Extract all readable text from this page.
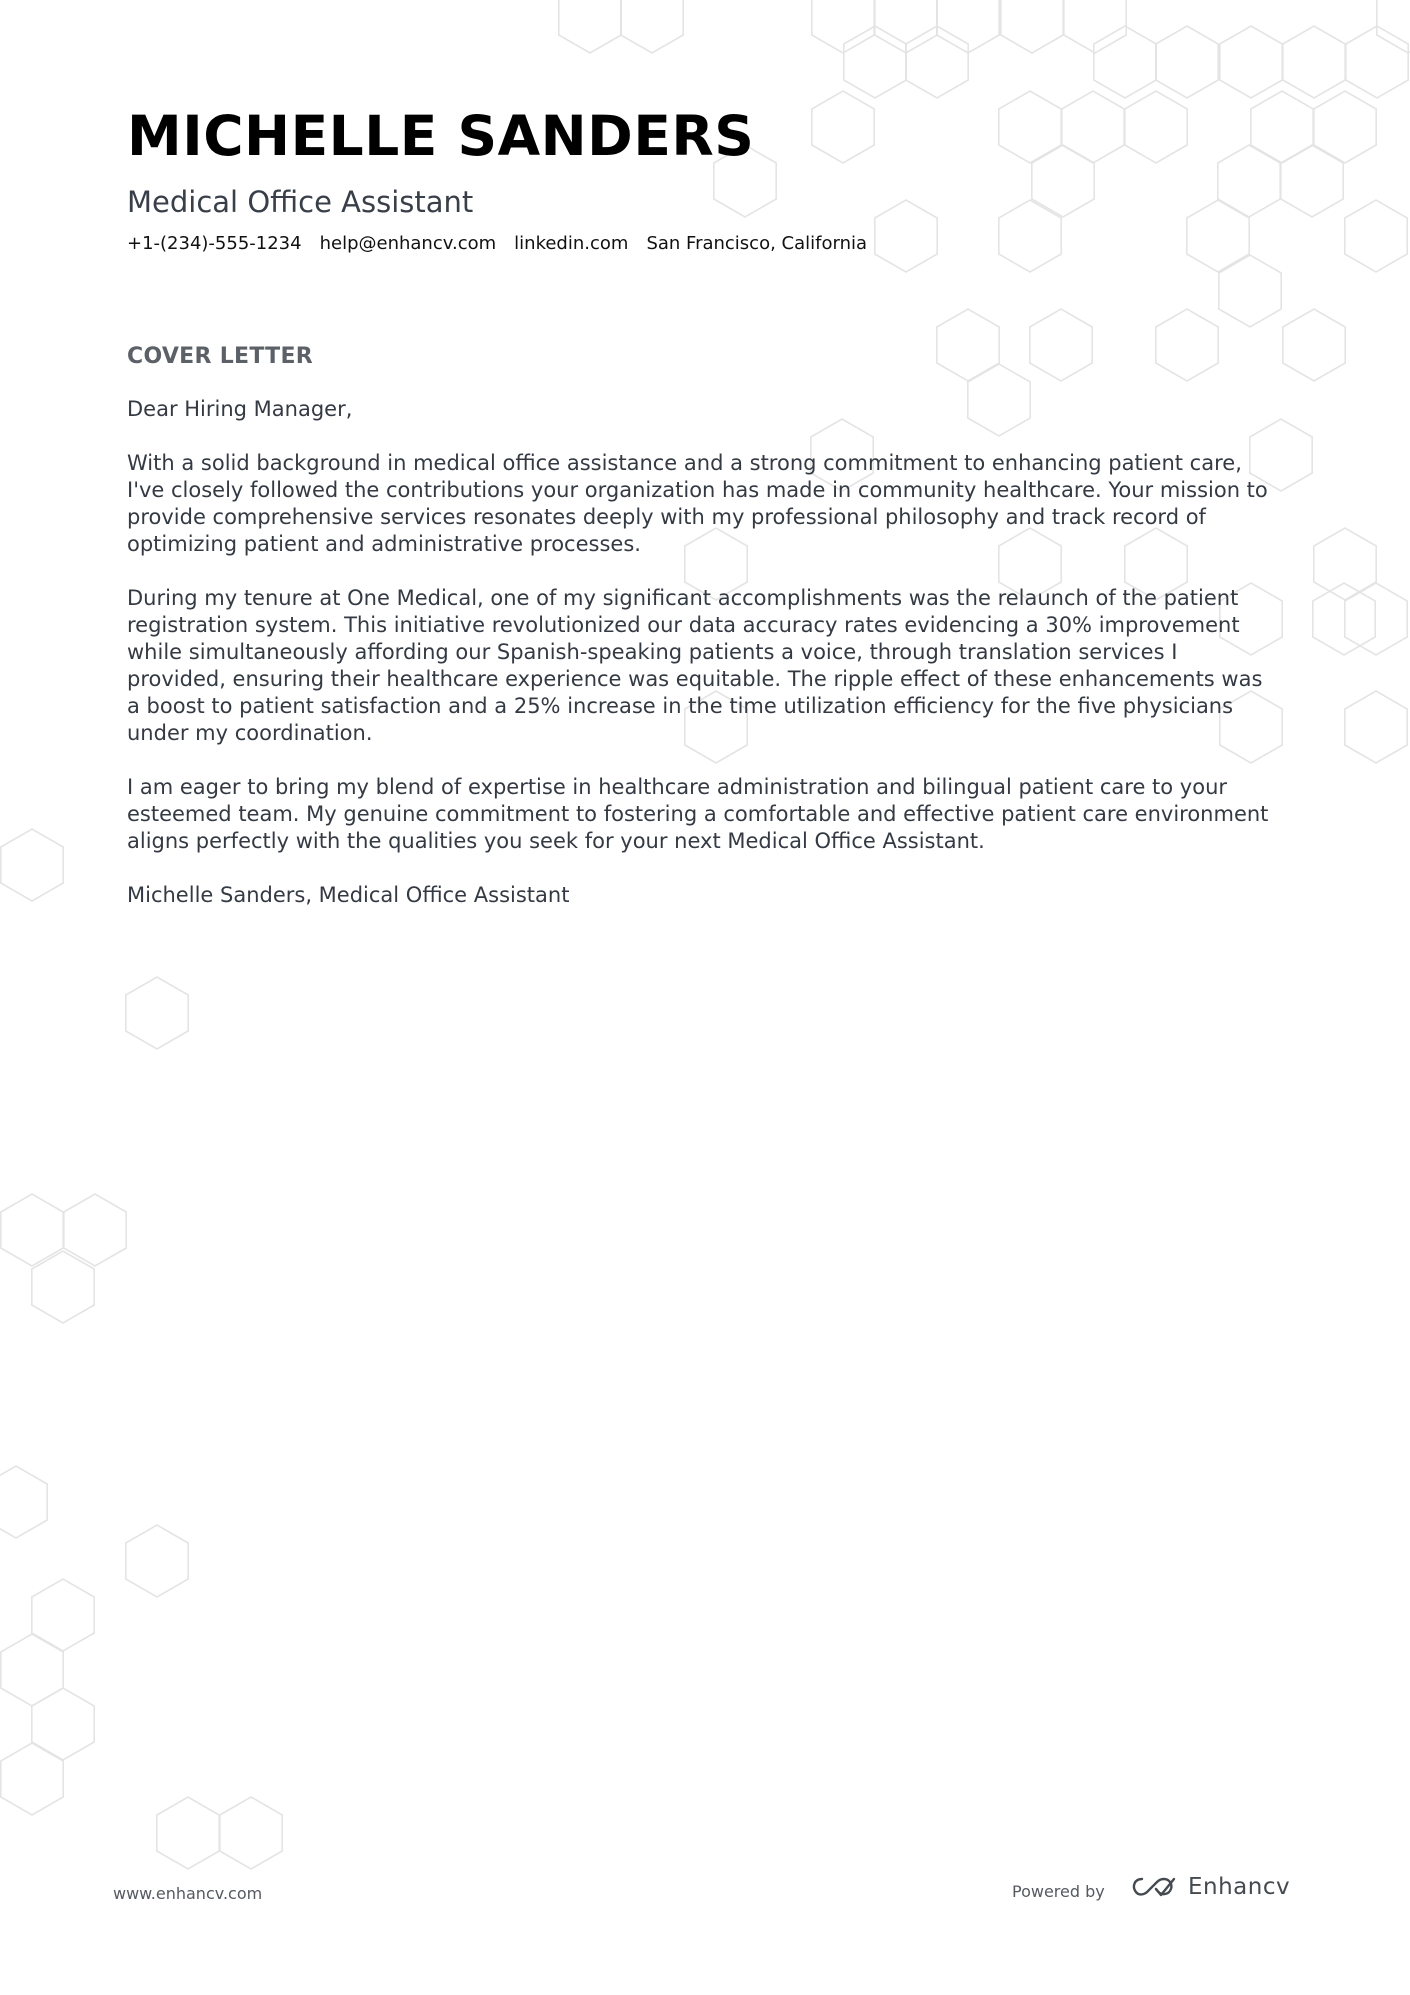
MICHELLE SANDERS
Medical Office Assistant
+1-(234)-555-1234 help@enhancv.com linkedin.com San Francisco, California
COVER LETTER

Dear Hiring Manager,

With a solid background in medical office assistance and a strong commitment to enhancing patient care, I've closely followed the contributions your organization has made in community healthcare. Your mission to provide comprehensive services resonates deeply with my professional philosophy and track record of optimizing patient and administrative processes.

During my tenure at One Medical, one of my significant accomplishments was the relaunch of the patient registration system. This initiative revolutionized our data accuracy rates evidencing a 30% improvement while simultaneously affording our Spanish-speaking patients a voice, through translation services I provided, ensuring their healthcare experience was equitable. The ripple effect of these enhancements was a boost to patient satisfaction and a 25% increase in the time utilization efficiency for the five physicians under my coordination.

I am eager to bring my blend of expertise in healthcare administration and bilingual patient care to your esteemed team. My genuine commitment to fostering a comfortable and effective patient care environment aligns perfectly with the qualities you seek for your next Medical Office Assistant.

Michelle Sanders, Medical Office Assistant

www.enhancv.com	Powered by	Enhancv
